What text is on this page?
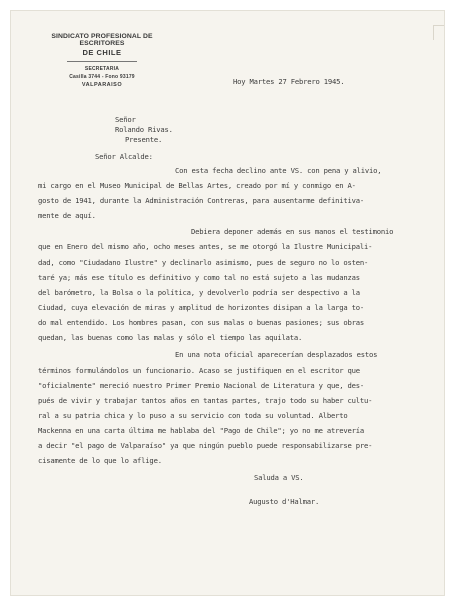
SINDICATO PROFESIONAL DE ESCRITORES
DE CHILE
SECRETARIA
Casilla 3744 - Fono 93179
VALPARAISO	Hoy Martes 27 Febrero 1945.
Señor
Rolando Rivas.
Presente.
Señor Alcalde:
Con esta fecha declino ante VS. con pena y alivio,
mi cargo en el Museo Municipal de Bellas Artes, creado por mí y conmigo en A-
gosto de 1941, durante la Administración Contreras, para ausentarme definitiva-
mente de aquí.
Debiera deponer además en sus manos el testimonio
que en Enero del mismo año, ocho meses antes, se me otorgó la Ilustre Municipali-
dad, como "Ciudadano Ilustre" y declinarlo asimismo, pues de seguro no lo osten-
taré ya; más ese título es definitivo y como tal no está sujeto a las mudanzas
del barómetro, la Bolsa o la política, y devolverlo podría ser despectivo a la
Ciudad, cuya elevación de miras y amplitud de horizontes disipan a la larga to-
do mal entendido. Los hombres pasan, con sus malas o buenas pasiones; sus obras
quedan, las buenas como las malas y sólo el tiempo las aquilata.
En una nota oficial aparecerían desplazados estos
términos formulándolos un funcionario. Acaso se justifiquen en el escritor que
"oficialmente" mereció nuestro Primer Premio Nacional de Literatura y que, des-
pués de vivir y trabajar tantos años en tantas partes, trajo todo su haber cultu-
ral a su patria chica y lo puso a su servicio con toda su voluntad. Alberto
Mackenna en una carta última me hablaba del "Pago de Chile"; yo no me atrevería
a decir "el pago de Valparaíso" ya que ningún pueblo puede responsabilizarse pre-
cisamente de lo que lo aflige.
Saluda a VS.
Augusto d'Halmar.
